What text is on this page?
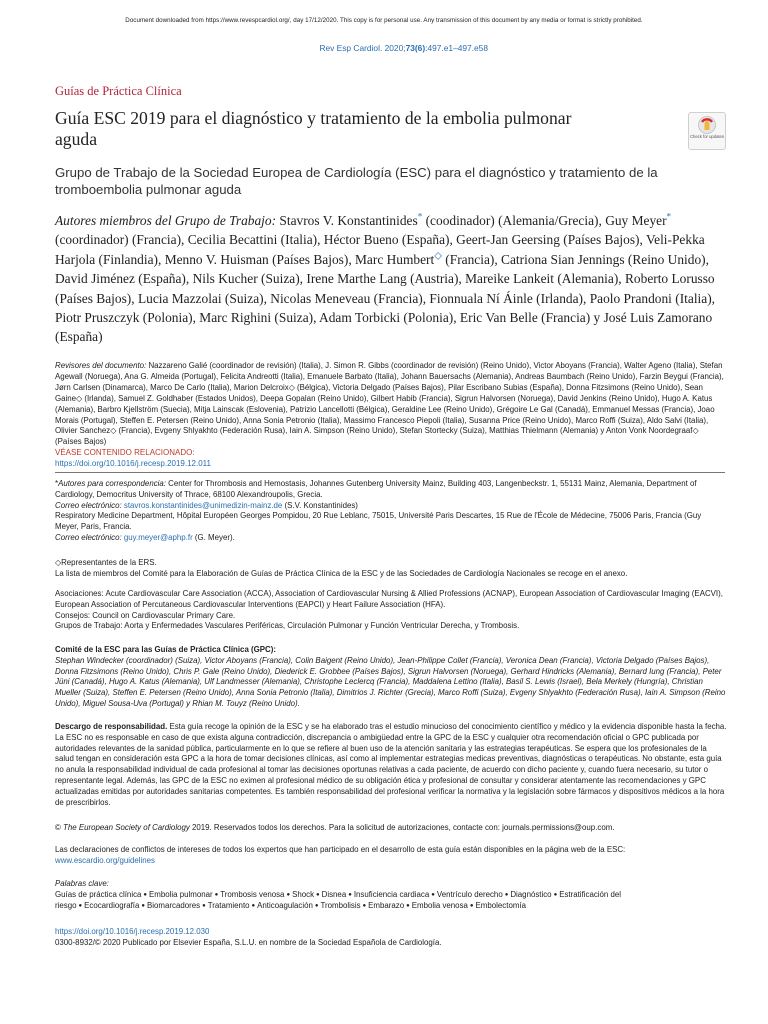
Document downloaded from https://www.revespcardiol.org/, day 17/12/2020. This copy is for personal use. Any transmission of this document by any media or format is strictly prohibited.
Rev Esp Cardiol. 2020;73(6):497.e1–497.e58
Guías de Práctica Clínica
Guía ESC 2019 para el diagnóstico y tratamiento de la embolia pulmonar aguda	Check for updates
Grupo de Trabajo de la Sociedad Europea de Cardiología (ESC) para el diagnóstico y tratamiento de la tromboembolia pulmonar aguda
Autores miembros del Grupo de Trabajo: Stavros V. Konstantinides* (coodinador) (Alemania/Grecia), Guy Meyer* (coordinador) (Francia), Cecilia Becattini (Italia), Héctor Bueno (España), Geert-Jan Geersing (Países Bajos), Veli-Pekka Harjola (Finlandia), Menno V. Huisman (Países Bajos), Marc Humbert◇ (Francia), Catriona Sian Jennings (Reino Unido), David Jiménez (España), Nils Kucher (Suiza), Irene Marthe Lang (Austria), Mareike Lankeit (Alemania), Roberto Lorusso (Países Bajos), Lucia Mazzolai (Suiza), Nicolas Meneveau (Francia), Fionnuala Ní Áinle (Irlanda), Paolo Prandoni (Italia), Piotr Pruszczyk (Polonia), Marc Righini (Suiza), Adam Torbicki (Polonia), Eric Van Belle (Francia) y José Luis Zamorano (España)
Revisores del documento: Nazzareno Galié (coordinador de revisión) (Italia), J. Simon R. Gibbs (coordinador de revisión) (Reino Unido), Victor Aboyans (Francia), Walter Ageno (Italia), Stefan Agewall (Noruega), Ana G. Almeida (Portugal), Felicita Andreotti (Italia), Emanuele Barbato (Italia), Johann Bauersachs (Alemania), Andreas Baumbach (Reino Unido), Farzin Beygui (Francia), Jørn Carlsen (Dinamarca), Marco De Carlo (Italia), Marion Delcroix◇ (Bélgica), Victoria Delgado (Países Bajos), Pilar Escribano Subias (España), Donna Fitzsimons (Reino Unido), Sean Gaine◇ (Irlanda), Samuel Z. Goldhaber (Estados Unidos), Deepa Gopalan (Reino Unido), Gilbert Habib (Francia), Sigrun Halvorsen (Noruega), David Jenkins (Reino Unido), Hugo A. Katus (Alemania), Barbro Kjellström (Suecia), Mitja Lainscak (Eslovenia), Patrizio Lancellotti (Bélgica), Geraldine Lee (Reino Unido), Grégoire Le Gal (Canadá), Emmanuel Messas (Francia), Joao Morais (Portugal), Steffen E. Petersen (Reino Unido), Anna Sonia Petronio (Italia), Massimo Francesco Piepoli (Italia), Susanna Price (Reino Unido), Marco Roffi (Suiza), Aldo Salvi (Italia), Olivier Sanchez◇ (Francia), Evgeny Shlyakhto (Federación Rusa), Iain A. Simpson (Reino Unido), Stefan Stortecky (Suiza), Matthias Thielmann (Alemania) y Anton Vonk Noordegraaf◇ (Países Bajos)
VÉASE CONTENIDO RELACIONADO:
https://doi.org/10.1016/j.recesp.2019.12.011
*Autores para correspondencia: Center for Thrombosis and Hemostasis, Johannes Gutenberg University Mainz, Building 403, Langenbeckstr. 1, 55131 Mainz, Alemania, Department of Cardiology, Democritus University of Thrace, 68100 Alexandroupolis, Grecia.
Correo electrónico: stavros.konstantinides@unimedizin-mainz.de (S.V. Konstantinides)
Respiratory Medicine Department, Hôpital Européen Georges Pompidou, 20 Rue Leblanc, 75015, Université Paris Descartes, 15 Rue de l'École de Médecine, 75006 Paris, Francia (Guy Meyer, Paris, Francia.
Correo electrónico: guy.meyer@aphp.fr (G. Meyer).
◇Representantes de la ERS.
La lista de miembros del Comité para la Elaboración de Guías de Práctica Clínica de la ESC y de las Sociedades de Cardiología Nacionales se recoge en el anexo.
Asociaciones: Acute Cardiovascular Care Association (ACCA), Association of Cardiovascular Nursing & Allied Professions (ACNAP), European Association of Cardiovascular Imaging (EACVI), European Association of Percutaneous Cardiovascular Interventions (EAPCI) y Heart Failure Association (HFA).
Consejos: Council on Cardiovascular Primary Care.
Grupos de Trabajo: Aorta y Enfermedades Vasculares Periféricas, Circulación Pulmonar y Función Ventricular Derecha, y Trombosis.
Comité de la ESC para las Guías de Práctica Clínica (GPC):
Stephan Windecker (coordinador) (Suiza), Victor Aboyans (Francia), Colin Baigent (Reino Unido), Jean-Philippe Collet (Francia), Veronica Dean (Francia), Victoria Delgado (Países Bajos), Donna Fitzsimons (Reino Unido), Chris P. Gale (Reino Unido), Diederick E. Grobbee (Países Bajos), Sigrun Halvorsen (Noruega), Gerhard Hindricks (Alemania), Bernard Iung (Francia), Peter Jüni (Canadá), Hugo A. Katus (Alemania), Ulf Landmesser (Alemania), Christophe Leclercq (Francia), Maddalena Lettino (Italia), Basil S. Lewis (Israel), Bela Merkely (Hungría), Christian Mueller (Suiza), Steffen E. Petersen (Reino Unido), Anna Sonia Petronio (Italia), Dimitrios J. Richter (Grecia), Marco Roffi (Suiza), Evgeny Shlyakhto (Federación Rusa), Iain A. Simpson (Reino Unido), Miguel Sousa-Uva (Portugal) y Rhian M. Touyz (Reino Unido).
Descargo de responsabilidad. Esta guía recoge la opinión de la ESC y se ha elaborado tras el estudio minucioso del conocimiento científico y médico y la evidencia disponible hasta la fecha. La ESC no es responsable en caso de que exista alguna contradicción, discrepancia o ambigüedad entre la GPC de la ESC y cualquier otra recomendación oficial o GPC publicada por autoridades relevantes de la sanidad pública, particularmente en lo que se refiere al buen uso de la atención sanitaria y las estrategias terapéuticas. Se espera que los profesionales de la salud tengan en consideración esta GPC a la hora de tomar decisiones clínicas, así como al implementar estrategias medicas preventivas, diagnósticas o terapéuticas. No obstante, esta guía no anula la responsabilidad individual de cada profesional al tomar las decisiones oportunas relativas a cada paciente, de acuerdo con dicho paciente y, cuando fuera necesario, su tutor o representante legal. Además, las GPC de la ESC no eximen al profesional médico de su obligación ética y profesional de consultar y considerar atentamente las recomendaciones y GPC actualizadas emitidas por autoridades sanitarias competentes. Es también responsabilidad del profesional verificar la normativa y la legislación sobre fármacos y dispositivos médicos a la hora de prescribirlos.
© The European Society of Cardiology 2019. Reservados todos los derechos. Para la solicitud de autorizaciones, contacte con: journals.permissions@oup.com.
Las declaraciones de conflictos de intereses de todos los expertos que han participado en el desarrollo de esta guía están disponibles en la página web de la ESC: www.escardio.org/guidelines
Palabras clave:
Guías de práctica clínica ● Embolia pulmonar ● Trombosis venosa ● Shock ● Disnea ● Insuficiencia cardiaca ● Ventrículo derecho ● Diagnóstico ● Estratificación del riesgo ● Ecocardiografía ● Biomarcadores ● Tratamiento ● Anticoagulación ● Trombolisis ● Embarazo ● Embolia venosa ● Embolectomía
https://doi.org/10.1016/j.recesp.2019.12.030
0300-8932/© 2020 Publicado por Elsevier España, S.L.U. en nombre de la Sociedad Española de Cardiología.
